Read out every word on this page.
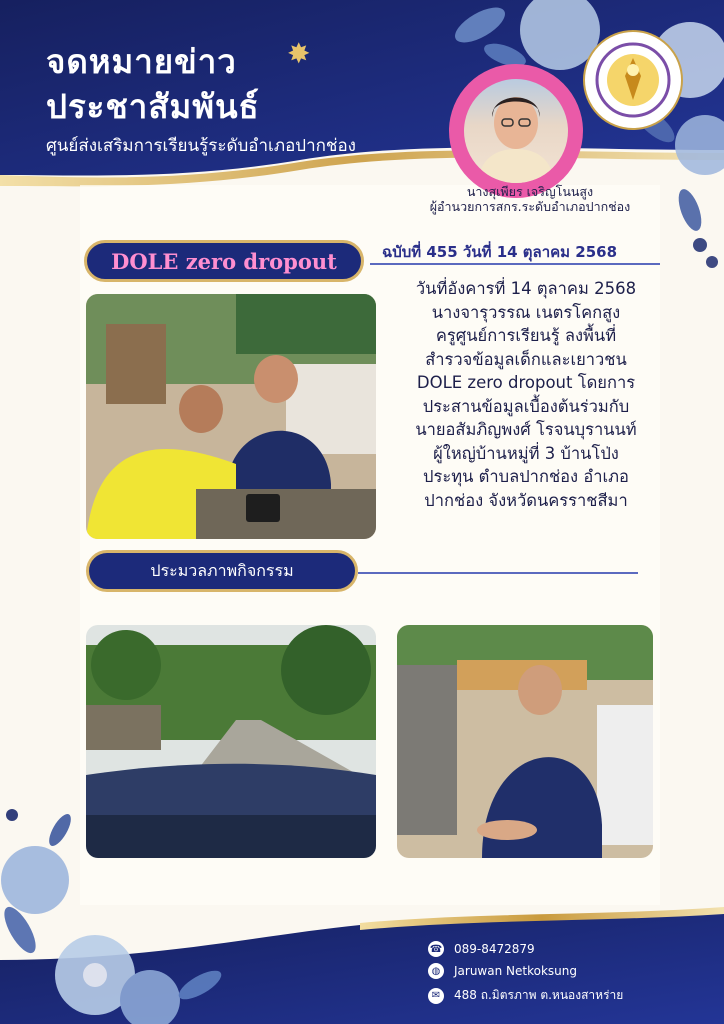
จดหมายข่าว ✸
ประชาสัมพันธ์
ศูนย์ส่งเสริมการเรียนรู้ระดับอำเภอปากช่อง
นางสุเพียร เจริญโนนสูง
ผู้อำนวยการสกร.ระดับอำเภอปากช่อง
DOLE zero dropout	ฉบับที่ 455 วันที่ 14 ตุลาคม 2568
วันที่อังคารที่ 14 ตุลาคม 2568
นางจารุวรรณ เนตรโคกสูง
ครูศูนย์การเรียนรู้ ลงพื้นที่
สำรวจข้อมูลเด็กและเยาวชน
DOLE zero dropout โดยการ
ประสานข้อมูลเบื้องต้นร่วมกับ
นายอสัมภิญพงศ์ โรจนบุรานนท์
ผู้ใหญ่บ้านหมู่ที่ 3 บ้านโป่ง
ประทุน ตำบลปากช่อง อำเภอ
ปากช่อง จังหวัดนครราชสีมา
ประมวลภาพกิจกรรม
☎ 089-8472879
◍	Jaruwan Netkoksung
✉	488 ถ.มิตรภาพ ต.หนองสาหร่าย
